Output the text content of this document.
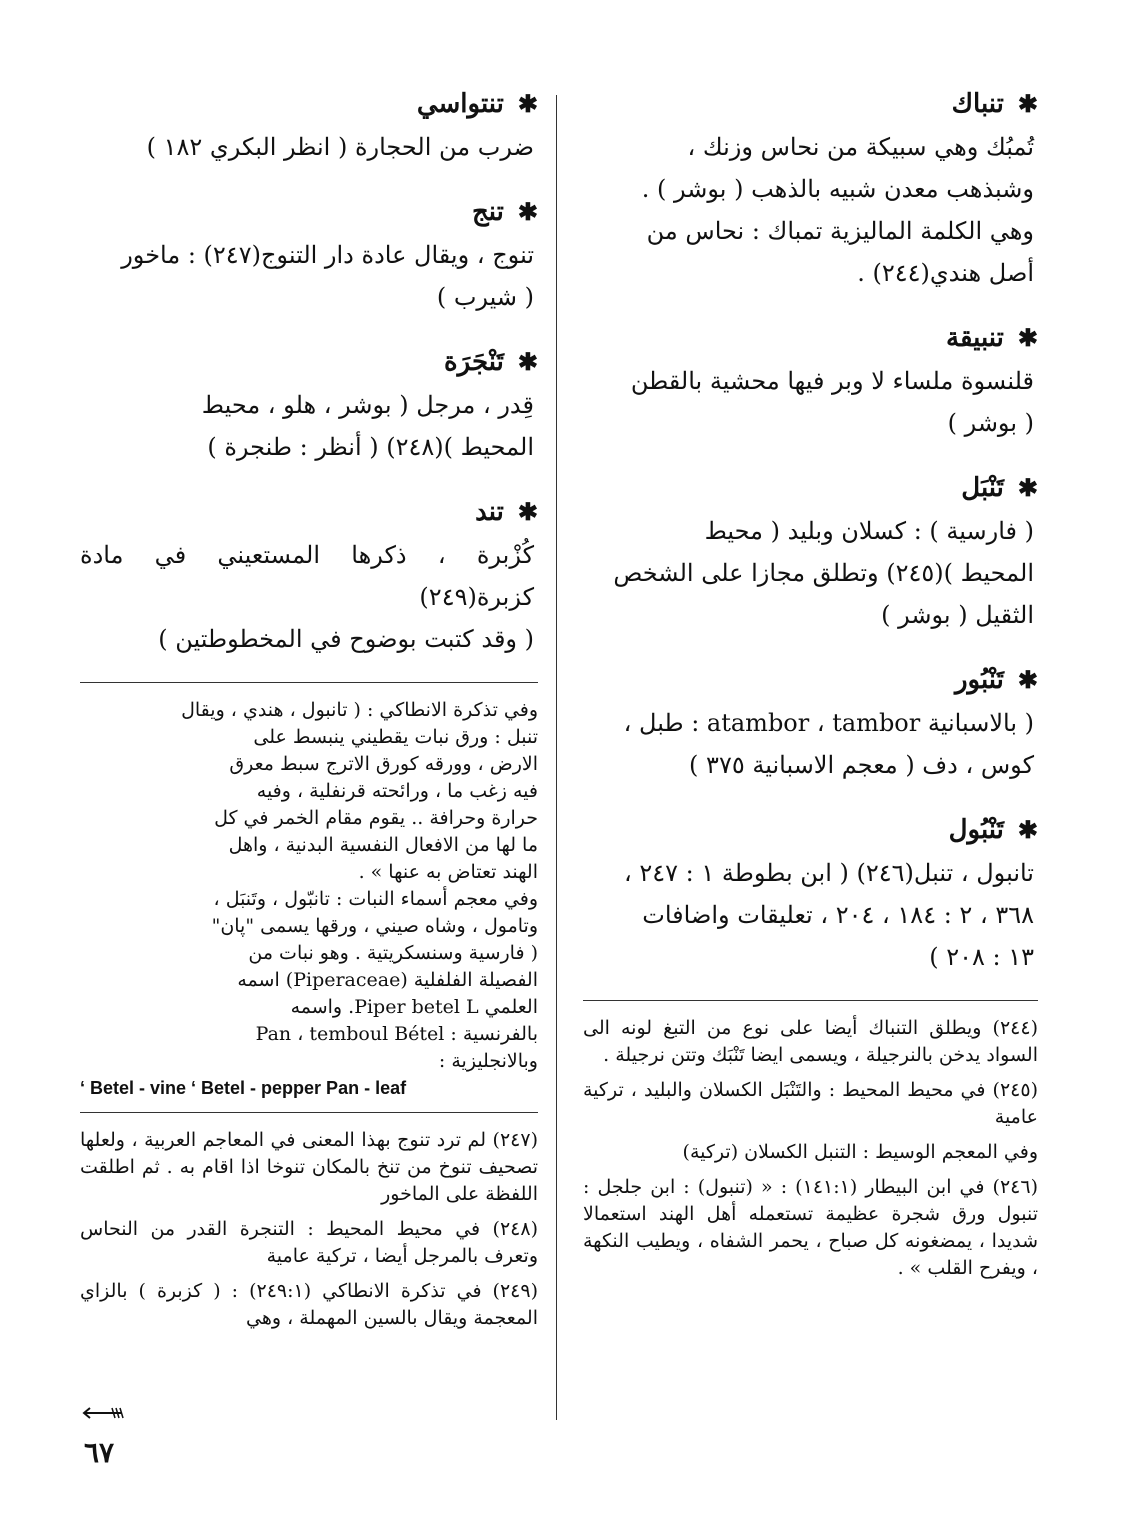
✱تنباك
تُمبُك وهي سبيكة من نحاس وزنك ،
وشبذهب معدن شبيه بالذهب ( بوشر ) .
وهي الكلمة الماليزية تمباك : نحاس من
أصل هندي(٢٤٤) .
✱تنبيقة
قلنسوة ملساء لا وبر فيها محشية بالقطن
( بوشر )
✱تَنْبَل
( فارسية ) : كسلان وبليد ( محيط
المحيط )(٢٤٥) وتطلق مجازا على الشخص
الثقيل ( بوشر )
✱تَنْبُور
( بالاسبانية atambor ، tambor : طبل ،
كوس ، دف ( معجم الاسبانية ٣٧٥ )
✱تَنْبُول
تانبول ، تنبل(٢٤٦) ( ابن بطوطة ١ : ٢٤٧ ،
٣٦٨ ، ٢ : ١٨٤ ، ٢٠٤ ، تعليقات واضافات
١٣ : ٢٠٨ )
(٢٤٤) ويطلق التنباك أيضا على نوع من التبغ لونه الى السواد يدخن بالنرجيلة ، ويسمى ايضا تَنْبَك وتتن نرجيلة .
(٢٤٥) في محيط المحيط : والتَنْبَل الكسلان والبليد ، تركية عامية
وفي المعجم الوسيط : التنبل الكسلان (تركية)
(٢٤٦) في ابن البيطار (١٤١:١) : « (تنبول) : ابن جلجل : تنبول ورق شجرة عظيمة تستعمله أهل الهند استعمالا شديدا ، يمضغونه كل صباح ، يحمر الشفاه ، ويطيب النكهة ، ويفرح القلب » .
✱تنتواسي
ضرب من الحجارة ( انظر البكري ١٨٢ )
✱تنج
تنوج ، ويقال عادة دار التنوج(٢٤٧) : ماخور
( شيرب )
✱تَنْجَرَة
قِدر ، مرجل ( بوشر ، هلو ، محيط
المحيط )(٢٤٨) ( أنظر : طنجرة )
✱تند
كُزْبرة ، ذكرها المستعيني في مادة كزبرة(٢٤٩)
( وقد كتبت بوضوح في المخطوطتين )
وفي تذكرة الانطاكي : ( تانبول ، هندي ، ويقال
تنبل : ورق نبات يقطيني ينبسط على
الارض ، وورقه كورق الاترج سبط معرق
فيه زغب ما ، ورائحته قرنفلية ، وفيه
حرارة وحرافة .. يقوم مقام الخمر في كل
ما لها من الافعال النفسية البدنية ، واهل
الهند تعتاض به عنها » .
وفي معجم أسماء النبات : تانبّول ، وتَنبَل ،
وتامول ، وشاه صيني ، ورقها يسمى "پان"
( فارسية وسنسكريتية . وهو نبات من
الفصيلة الفلفلية (Piperaceae) اسمه
العلمي Piper betel L. واسمه
بالفرنسية : Pan ، temboul Bétel
وبالانجليزية :
‘ Betel - vine ‘ Betel - pepper Pan - leaf
(٢٤٧) لم ترد تنوج بهذا المعنى في المعاجم العربية ، ولعلها تصحيف تنوخ من تنخ بالمكان تنوخا اذا اقام به . ثم اطلقت اللفظة على الماخور
(٢٤٨) في محيط المحيط : التنجرة القدر من النحاس وتعرف بالمرجل أيضا ، تركية عامية
(٢٤٩) في تذكرة الانطاكي (٢٤٩:١) : ( كزبرة ) بالزاي المعجمة ويقال بالسين المهملة ، وهي
٦٧
